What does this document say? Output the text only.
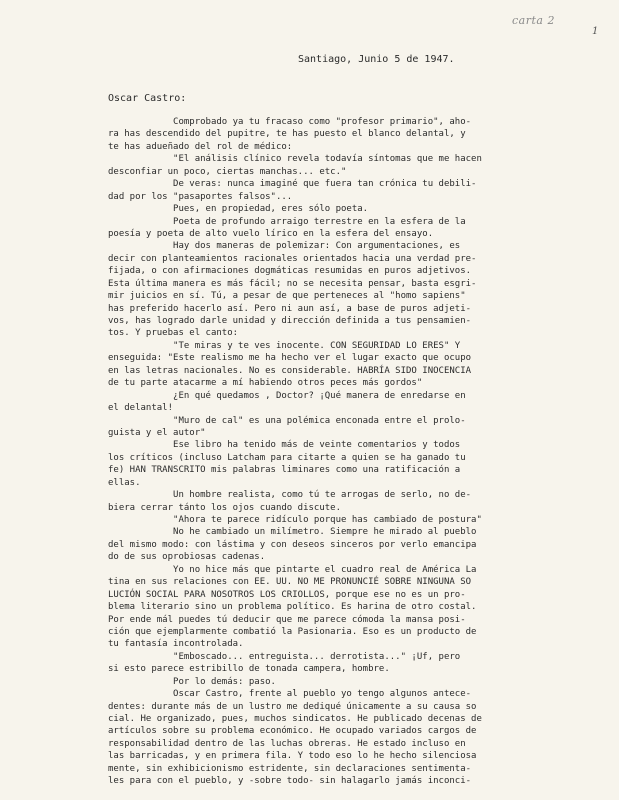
carta 2
1
Santiago, Junio 5 de 1947.
Oscar Castro:
Comprobado ya tu fracaso como "profesor primario", aho-
ra has descendido del pupitre, te has puesto el blanco delantal, y
te has adueñado del rol de médico:
"El análisis clínico revela todavía síntomas que me hacen
desconfiar un poco, ciertas manchas... etc."
De veras: nunca imaginé que fuera tan crónica tu debili-
dad por los "pasaportes falsos"...
Pues, en propiedad, eres sólo poeta.
Poeta de profundo arraigo terrestre en la esfera de la
poesía y poeta de alto vuelo lírico en la esfera del ensayo.
Hay dos maneras de polemizar: Con argumentaciones, es
decir con planteamientos racionales orientados hacia una verdad pre-
fijada, o con afirmaciones dogmáticas resumidas en puros adjetivos.
Esta última manera es más fácil; no se necesita pensar, basta esgri-
mir juicios en sí. Tú, a pesar de que perteneces al "homo sapiens"
has preferido hacerlo así. Pero ni aun así, a base de puros adjeti-
vos, has logrado darle unidad y dirección definida a tus pensamien-
tos. Y pruebas el canto:
"Te miras y te ves inocente. CON SEGURIDAD LO ERES" Y
enseguida: "Este realismo me ha hecho ver el lugar exacto que ocupo
en las letras nacionales. No es considerable. HABRÍA SIDO INOCENCIA
de tu parte atacarme a mí habiendo otros peces más gordos"
¿En qué quedamos , Doctor? ¡Qué manera de enredarse en
el delantal!
"Muro de cal" es una polémica enconada entre el prolo-
guista y el autor"
Ese libro ha tenido más de veinte comentarios y todos
los críticos (incluso Latcham para citarte a quien se ha ganado tu
fe) HAN TRANSCRITO mis palabras liminares como una ratificación a
ellas.
Un hombre realista, como tú te arrogas de serlo, no de-
biera cerrar tánto los ojos cuando discute.
"Ahora te parece ridículo porque has cambiado de postura"
No he cambiado un milímetro. Siempre he mirado al pueblo
del mismo modo: con lástima y con deseos sinceros por verlo emancipa
do de sus oprobiosas cadenas.
Yo no hice más que pintarte el cuadro real de América La
tina en sus relaciones con EE. UU. NO ME PRONUNCIÉ SOBRE NINGUNA SO
LUCIÓN SOCIAL PARA NOSOTROS LOS CRIOLLOS, porque ese no es un pro-
blema literario sino un problema político. Es harina de otro costal.
Por ende mál puedes tú deducir que me parece cómoda la mansa posi-
ción que ejemplarmente combatió la Pasionaria. Eso es un producto de
tu fantasía incontrolada.
"Emboscado... entreguista... derrotista..." ¡Uf, pero
si esto parece estribillo de tonada campera, hombre.
Por lo demás: paso.
Oscar Castro, frente al pueblo yo tengo algunos antece-
dentes: durante más de un lustro me dediqué únicamente a su causa so
cial. He organizado, pues, muchos sindicatos. He publicado decenas de
artículos sobre su problema económico. He ocupado variados cargos de
responsabilidad dentro de las luchas obreras. He estado incluso en
las barricadas, y en primera fila. Y todo eso lo he hecho silenciosa
mente, sin exhibicionismo estridente, sin declaraciones sentimenta-
les para con el pueblo, y -sobre todo- sin halagarlo jamás inconci-
